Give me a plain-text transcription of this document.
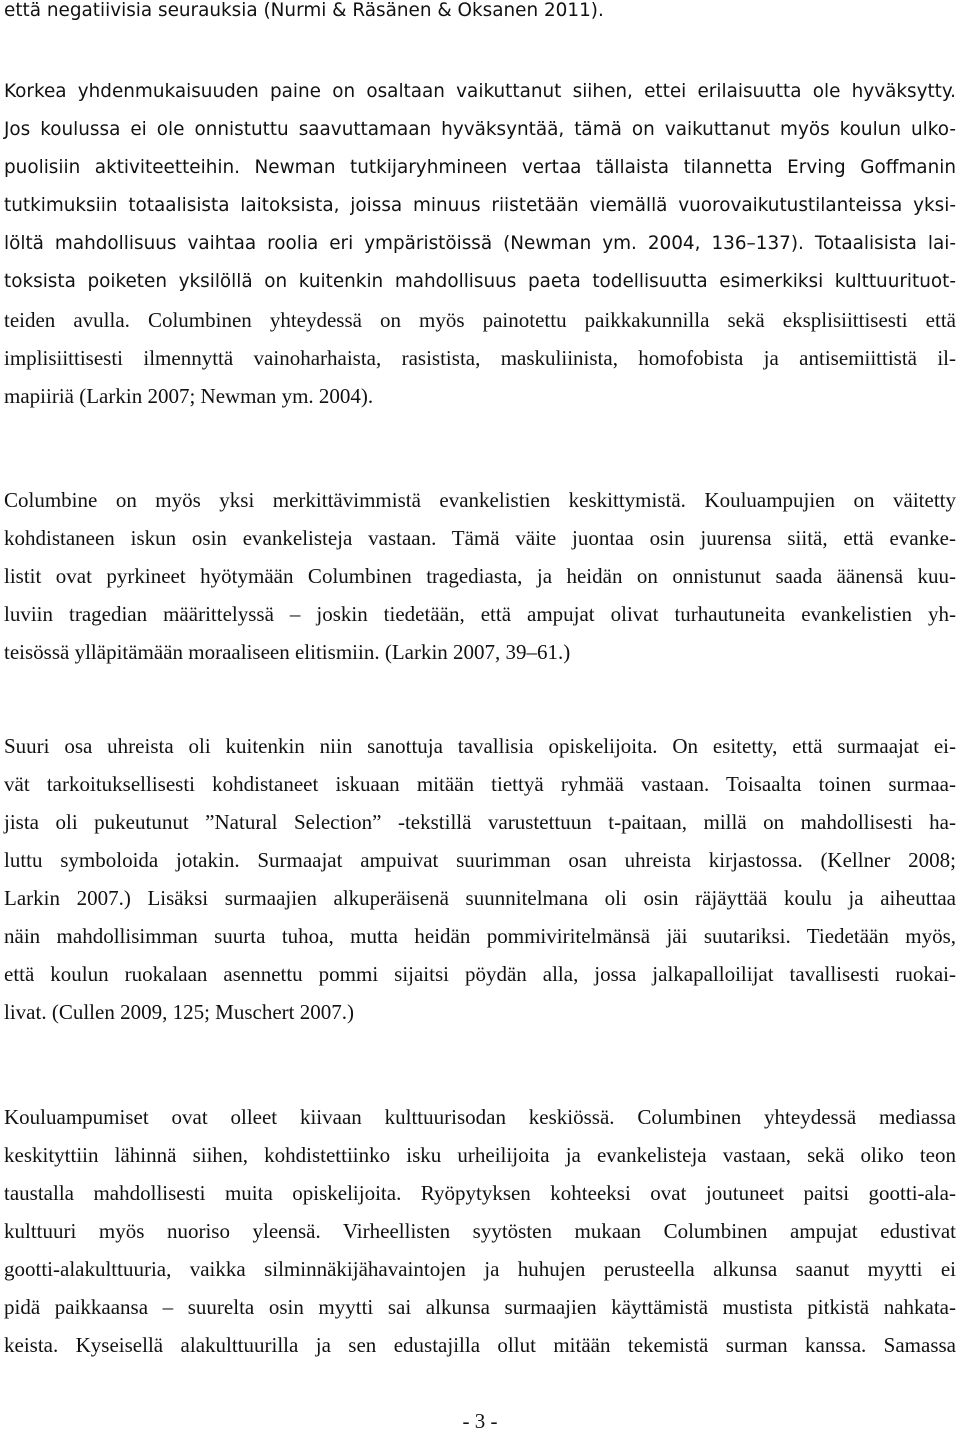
että negatiivisia seurauksia (Nurmi & Räsänen & Oksanen 2011).
Korkea yhdenmukaisuuden paine on osaltaan vaikuttanut siihen, ettei erilaisuutta ole hyväksytty.
Jos koulussa ei ole onnistuttu saavuttamaan hyväksyntää, tämä on vaikuttanut myös koulun ulko-
puolisiin aktiviteetteihin. Newman tutkijaryhmineen vertaa tällaista tilannetta Erving Goffmanin
tutkimuksiin totaalisista laitoksista, joissa minuus riistetään viemällä vuorovaikutustilanteissa yksi-
löltä mahdollisuus vaihtaa roolia eri ympäristöissä (Newman ym. 2004, 136–137). Totaalisista lai-
toksista poiketen yksilöllä on kuitenkin mahdollisuus paeta todellisuutta esimerkiksi kulttuurituot-
teiden avulla. Columbinen yhteydessä on myös painotettu paikkakunnilla sekä eksplisiittisesti että
implisiittisesti ilmennyttä vainoharhaista, rasistista, maskuliinista, homofobista ja antisemiittistä il-
mapiiriä (Larkin 2007; Newman ym. 2004).
Columbine on myös yksi merkittävimmistä evankelistien keskittymistä. Kouluampujien on väitetty
kohdistaneen iskun osin evankelisteja vastaan. Tämä väite juontaa osin juurensa siitä, että evanke-
listit ovat pyrkineet hyötymään Columbinen tragediasta, ja heidän on onnistunut saada äänensä kuu-
luviin tragedian määrittelyssä – joskin tiedetään, että ampujat olivat turhautuneita evankelistien yh-
teisössä ylläpitämään moraaliseen elitismiin. (Larkin 2007, 39–61.)
Suuri osa uhreista oli kuitenkin niin sanottuja tavallisia opiskelijoita. On esitetty, että surmaajat ei-
vät tarkoituksellisesti kohdistaneet iskuaan mitään tiettyä ryhmää vastaan. Toisaalta toinen surmaa-
jista oli pukeutunut ”Natural Selection” -tekstillä varustettuun t-paitaan, millä on mahdollisesti ha-
luttu symboloida jotakin. Surmaajat ampuivat suurimman osan uhreista kirjastossa. (Kellner 2008;
Larkin 2007.) Lisäksi surmaajien alkuperäisenä suunnitelmana oli osin räjäyttää koulu ja aiheuttaa
näin mahdollisimman suurta tuhoa, mutta heidän pommiviritelmänsä jäi suutariksi. Tiedetään myös,
että koulun ruokalaan asennettu pommi sijaitsi pöydän alla, jossa jalkapalloilijat tavallisesti ruokai-
livat. (Cullen 2009, 125; Muschert 2007.)
Kouluampumiset ovat olleet kiivaan kulttuurisodan keskiössä. Columbinen yhteydessä mediassa
keskityttiin lähinnä siihen, kohdistettiinko isku urheilijoita ja evankelisteja vastaan, sekä oliko teon
taustalla mahdollisesti muita opiskelijoita. Ryöpytyksen kohteeksi ovat joutuneet paitsi gootti-ala-
kulttuuri myös nuoriso yleensä. Virheellisten syytösten mukaan Columbinen ampujat edustivat
gootti-alakulttuuria, vaikka silminnäkijähavaintojen ja huhujen perusteella alkunsa saanut myytti ei
pidä paikkaansa – suurelta osin myytti sai alkunsa surmaajien käyttämistä mustista pitkistä nahkata-
keista. Kyseisellä alakulttuurilla ja sen edustajilla ollut mitään tekemistä surman kanssa. Samassa
- 3 -
